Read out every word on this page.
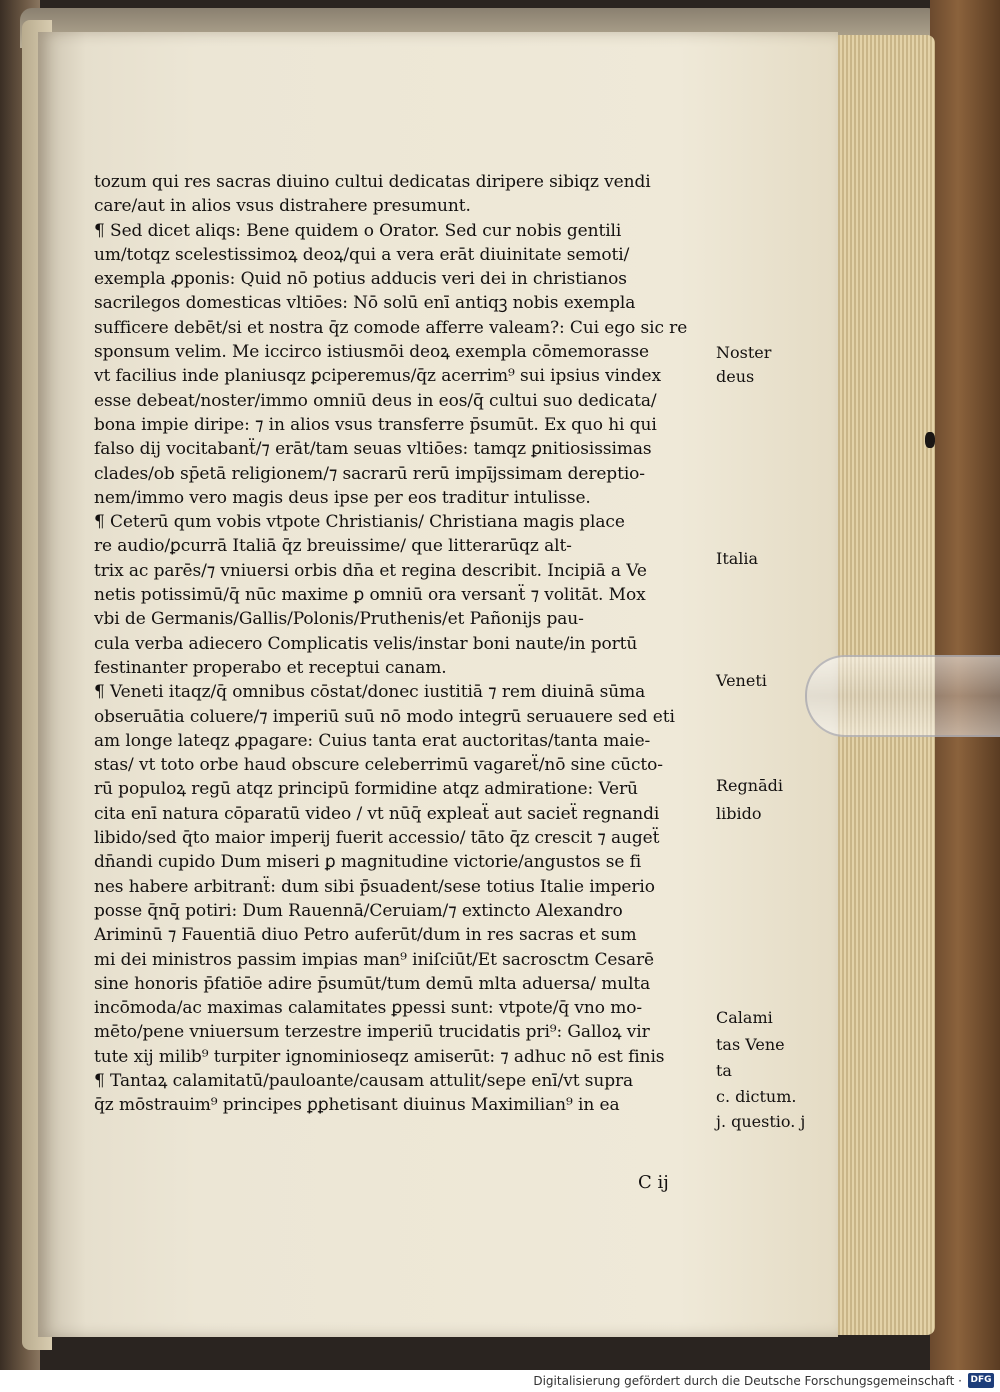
tozum qui res sacras diuino cultui dedicatas diripere sibiqz vendi
care/aut in alios vsus distrahere presumunt.
¶ Sed dicet aliqs: Bene quidem o Orator. Sed cur nobis gentili
um/totqz scelestissimoꝝ deoꝝ/qui a vera erāt diuinitate semoti/
exempla ꝓponis: Quid nō potius adducis veri dei in christianos
sacrilegos domesticas vltiōes: Nō solū enī antiqꝫ nobis exempla
sufficere debēt/si et nostra q̄z comode afferre valeam?: Cui ego sic re
sponsum velim. Me iccirco istiusmōi deoꝝ exempla cōmemorasse
vt facilius inde planiusqz ꝑciperemus/q̄z acerrim⁹ sui ipsius vindex
esse debeat/noster/immo omniū deus in eos/q̄ cultui suo dedicata/
bona impie diripe: ⁊ in alios vsus transferre p̄sumūt. Ex quo hi qui
falso dij vocitabanẗ/⁊ erāt/tam seuas vltiōes: tamqz ꝑnitiosissimas
clades/ob sp̄etā religionem/⁊ sacrarū rerū impījssimam dereptio-
nem/immo vero magis deus ipse per eos traditur intulisse.
¶ Ceterū qum vobis vtpote Christianis/ Christiana magis place
re audio/ꝑcurrā Italiā q̄z breuissime/ que litterarūqz alt-
trix ac parēs/⁊ vniuersi orbis dn̄a et regina describit. Incipiā a Ve
netis potissimū/q̄ nūc maxime ꝑ omniū ora versanẗ ⁊ volitāt. Mox
vbi de Germanis/Gallis/Polonis/Pruthenis/et Pañonijs pau-
cula verba adiecero Complicatis velis/instar boni naute/in portū
festinanter properabo et receptui canam.
¶ Veneti itaqz/q̄ omnibus cōstat/donec iustitiā ⁊ rem diuinā sūma
obseruātia coluere/⁊ imperiū suū nō modo integrū seruauere sed eti
am longe lateqz ꝓpagare: Cuius tanta erat auctoritas/tanta maie-
stas/ vt toto orbe haud obscure celeberrimū vagareẗ/nō sine cūcto-
rū populoꝝ regū atqz principū formidine atqz admiratione: Verū
cita enī natura cōparatū video / vt nūq̄ expleaẗ aut sacieẗ regnandi
libido/sed q̄to maior imperij fuerit accessio/ tāto q̄z crescit ⁊ augeẗ
dn̄andi cupido Dum miseri ꝑ magnitudine victorie/angustos se fi
nes habere arbitranẗ: dum sibi p̄suadent/sese totius Italie imperio
posse q̄nq̄ potiri: Dum Rauennā/Ceruiam/⁊ extincto Alexandro
Ariminū ⁊ Fauentiā diuo Petro auferūt/dum in res sacras et sum
mi dei ministros passim impias man⁹ iniſciūt/Et sacrosctm Cesarē
sine honoris p̄fatiōe adire p̄sumūt/tum demū mlta aduersa/ multa
incōmoda/ac maximas calamitates ꝑpessi sunt: vtpote/q̄ vno mo-
mēto/pene vniuersum terzestre imperiū trucidatis pri⁹: Galloꝝ vir
tute xij milib⁹ turpiter ignominioseqz amiserūt: ⁊ adhuc nō est finis
¶ Tantaꝝ calamitatū/pauloante/causam attulit/sepe enī/vt supra
q̄z mōstrauim⁹ principes ꝑꝑhetisant diuinus Maximilian⁹ in ea
Noster
deus
Italia
Veneti
Regnādi
libido
Calami
tas Vene
ta
c. dictum.
j. questio. j
C ij
Digitalisierung gefördert durch die Deutsche Forschungsgemeinschaft · DFG
